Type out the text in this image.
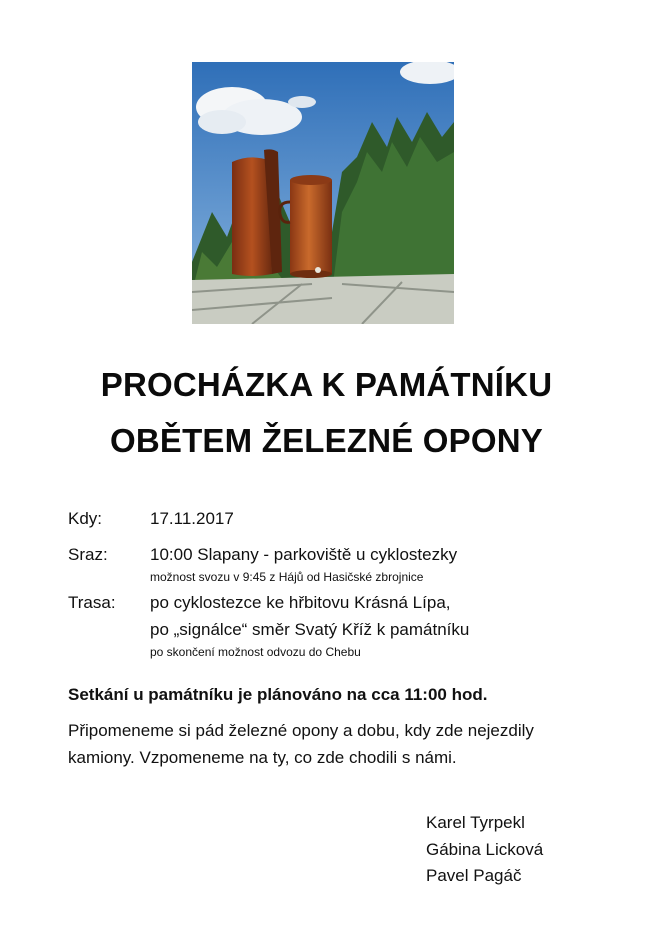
PROCHÁZKA K PAMÁTNÍKU
OBĚTEM ŽELEZNÉ OPONY
Kdy:	17.11.2017
Sraz: 10:00 Slapany - parkoviště u cyklostezky
možnost svozu v 9:45 z Hájů od Hasičské zbrojnice
Trasa: po cyklostezce ke hřbitovu Krásná Lípa,
po „signálce“ směr Svatý Kříž k památníku
po skončení možnost odvozu do Chebu
Setkání u památníku je plánováno na cca 11:00 hod.
Připomeneme si pád železné opony a dobu, kdy zde nejezdily
kamiony. Vzpomeneme na ty, co zde chodili s námi.
Karel Tyrpekl
Gábina Licková
Pavel Pagáč
